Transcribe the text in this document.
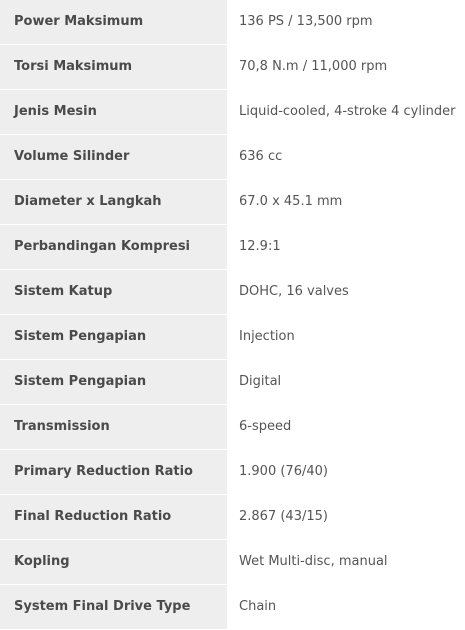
Power Maksimum	136 PS / 13,500 rpm
Torsi Maksimum	70,8 N.m / 11,000 rpm
Jenis Mesin	Liquid-cooled, 4-stroke 4 cylinder
Volume Silinder	636 cc
Diameter x Langkah	67.0 x 45.1 mm
Perbandingan Kompresi	12.9:1
Sistem Katup	DOHC, 16 valves
Sistem Pengapian	Injection
Sistem Pengapian	Digital
Transmission	6-speed
Primary Reduction Ratio	1.900 (76/40)
Final Reduction Ratio	2.867 (43/15)
Kopling	Wet Multi-disc, manual
System Final Drive Type	Chain
